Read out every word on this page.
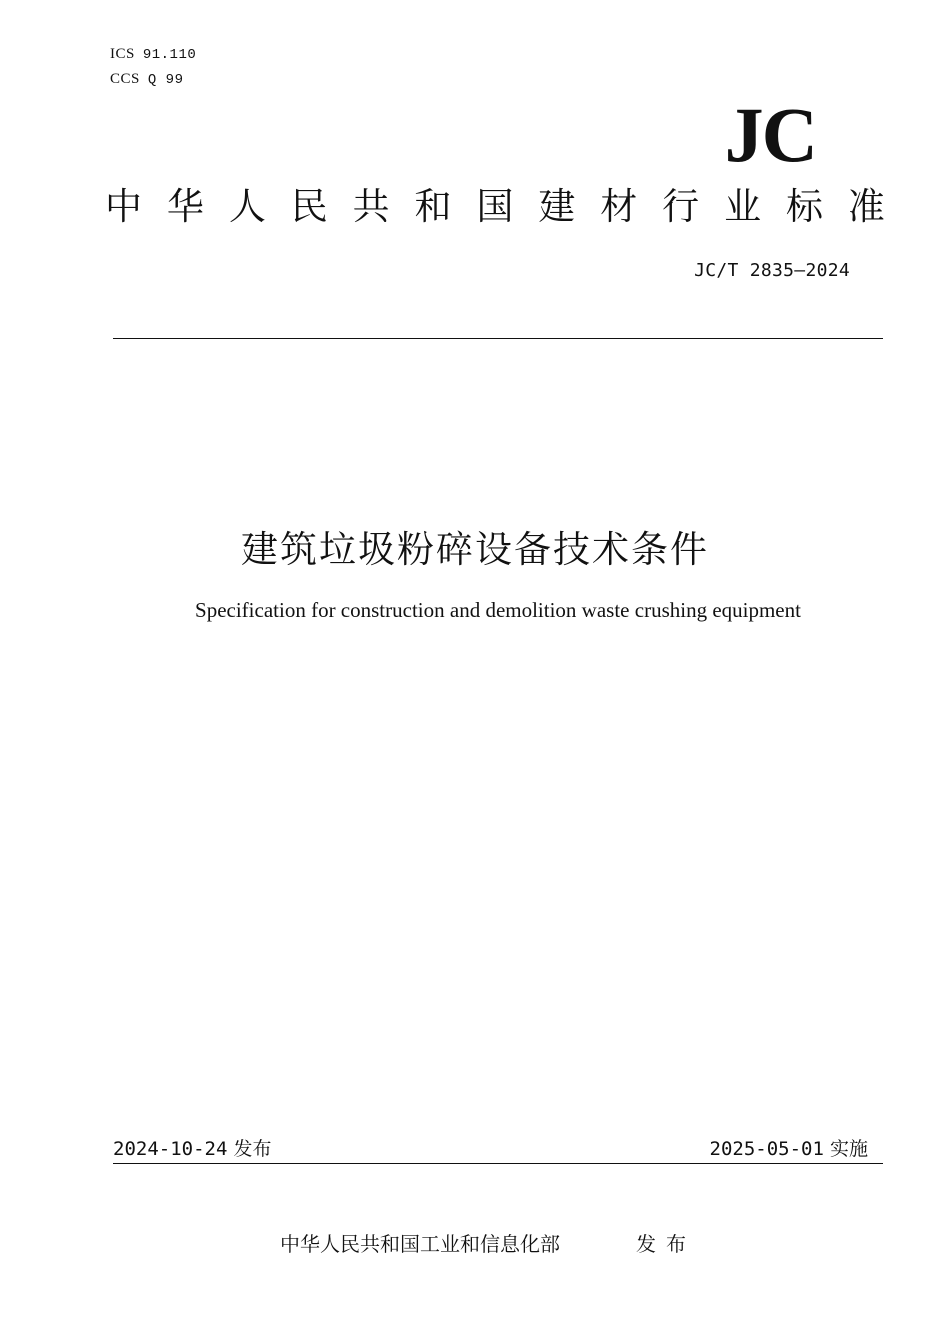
ICS 91.110
CCS Q 99
JC
中 华 人 民 共 和 国 建 材 行 业 标 准
JC/T 2835—2024
建筑垃圾粉碎设备技术条件
Specification for construction and demolition waste crushing equipment
2024-10-24 发布	2025-05-01 实施
中华人民共和国工业和信息化部	发布
